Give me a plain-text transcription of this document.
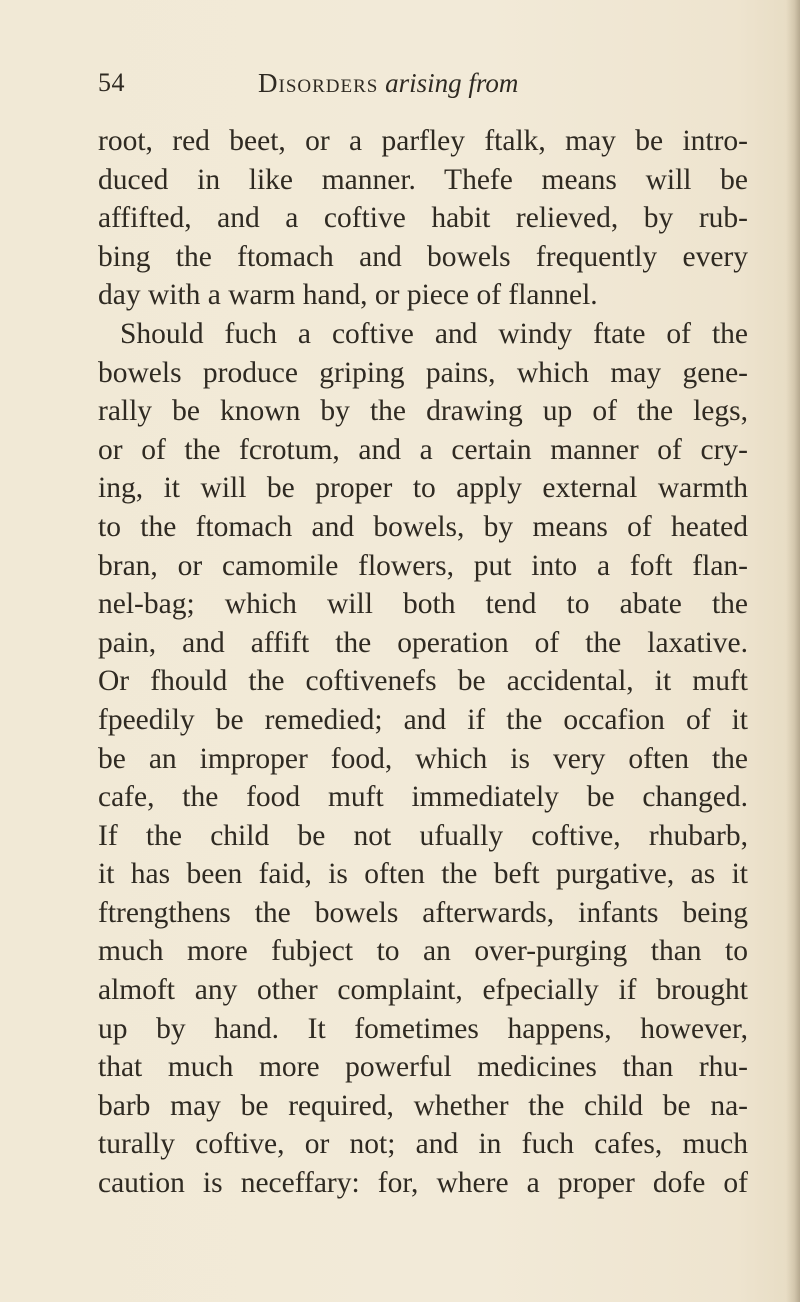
54	Disorders arising from
root, red beet, or a parfley ftalk, may be intro-
duced in like manner. Thefe means will be
affifted, and a coftive habit relieved, by rub-
bing the ftomach and bowels frequently every
day with a warm hand, or piece of flannel.
Should fuch a coftive and windy ftate of the
bowels produce griping pains, which may gene-
rally be known by the drawing up of the legs,
or of the fcrotum, and a certain manner of cry-
ing, it will be proper to apply external warmth
to the ftomach and bowels, by means of heated
bran, or camomile flowers, put into a foft flan-
nel-bag; which will both tend to abate the
pain, and affift the operation of the laxative.
Or fhould the coftivenefs be accidental, it muft
fpeedily be remedied; and if the occafion of it
be an improper food, which is very often the
cafe, the food muft immediately be changed.
If the child be not ufually coftive, rhubarb,
it has been faid, is often the beft purgative, as it
ftrengthens the bowels afterwards, infants being
much more fubject to an over-purging than to
almoft any other complaint, efpecially if brought
up by hand. It fometimes happens, however,
that much more powerful medicines than rhu-
barb may be required, whether the child be na-
turally coftive, or not; and in fuch cafes, much
caution is neceffary: for, where a proper dofe of
